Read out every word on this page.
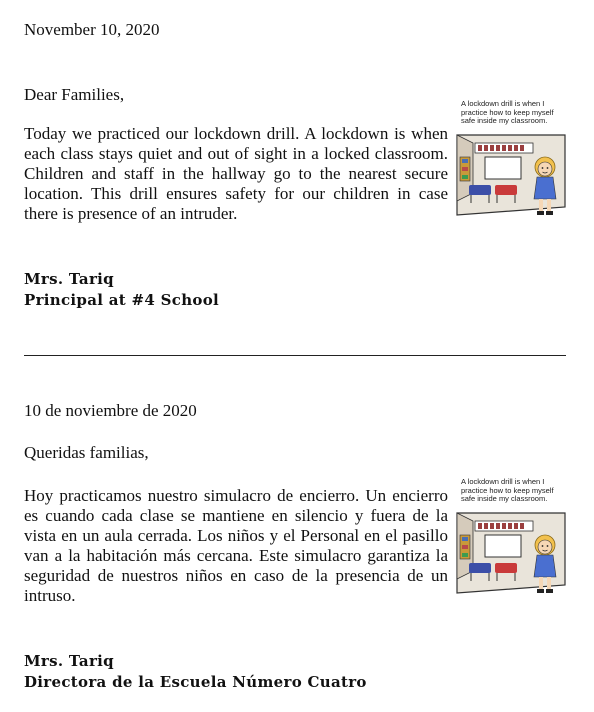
November 10, 2020
Dear Families,
Today we practiced our lockdown drill. A lockdown is when each class stays quiet and out of sight in a locked classroom. Children and staff in the hallway go to the nearest secure location. This drill ensures safety for our children in case there is presence of an intruder.
A lockdown drill is when I practice how to keep myself safe inside my classroom.
Mrs. Tariq
Principal at #4 School
10 de noviembre de 2020
Queridas familias,
Hoy practicamos nuestro simulacro de encierro. Un encierro es cuando cada clase se mantiene en silencio y fuera de la vista en un aula cerrada. Los niños y el Personal en el pasillo van a la habitación más cercana. Este simulacro garantiza la seguridad de nuestros niños en caso de la presencia de un intruso.
A lockdown drill is when I practice how to keep myself safe inside my classroom.
Mrs. Tariq
Directora de la Escuela Número Cuatro
